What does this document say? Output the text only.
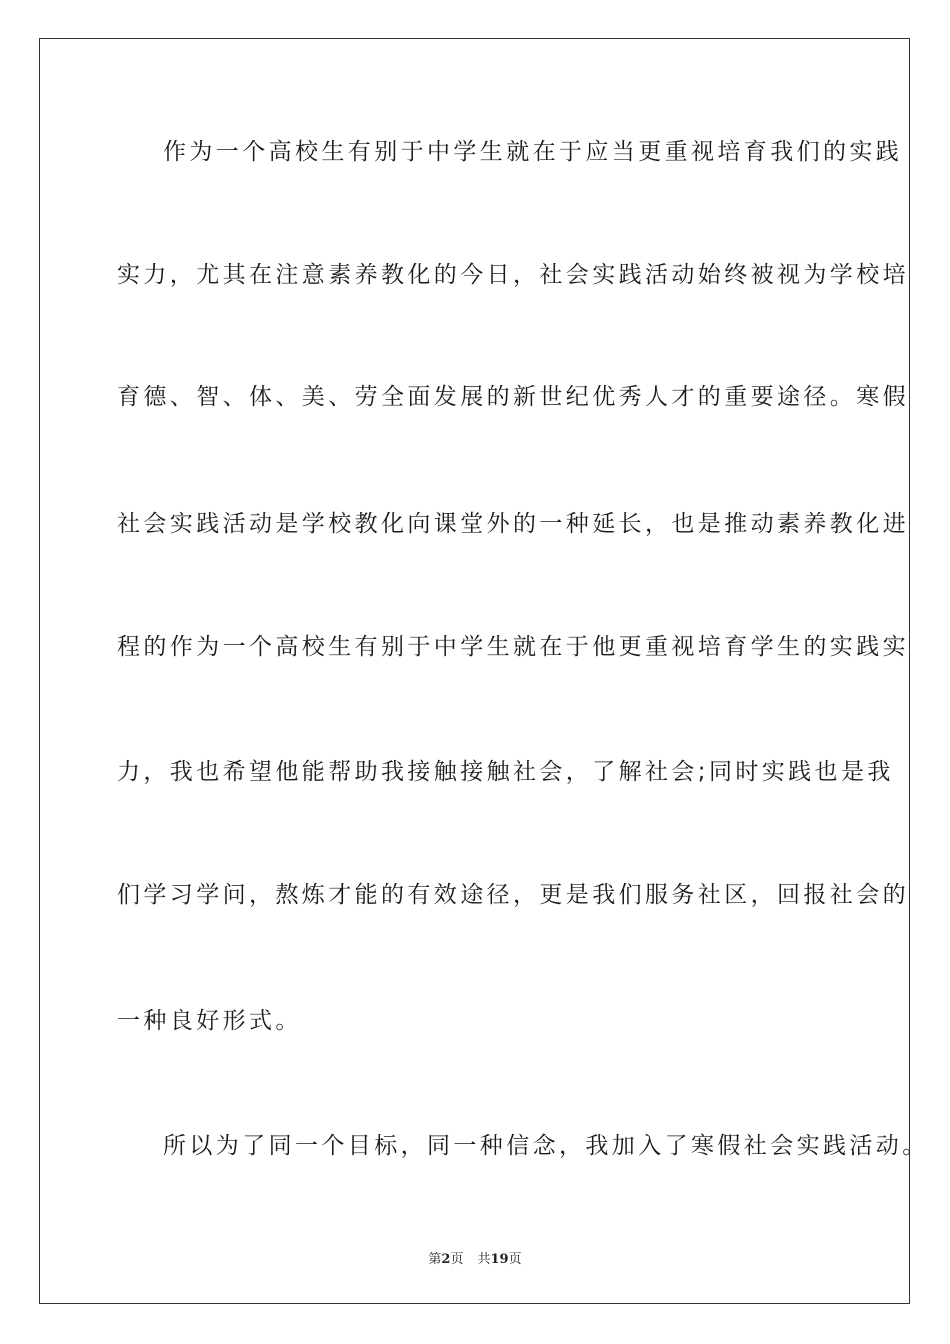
作为一个高校生有别于中学生就在于应当更重视培育我们的实践
实力，尤其在注意素养教化的今日，社会实践活动始终被视为学校培
育德、智、体、美、劳全面发展的新世纪优秀人才的重要途径。寒假
社会实践活动是学校教化向课堂外的一种延长，也是推动素养教化进
程的作为一个高校生有别于中学生就在于他更重视培育学生的实践实
力，我也希望他能帮助我接触接触社会，了解社会;同时实践也是我
们学习学问，熬炼才能的有效途径，更是我们服务社区，回报社会的
一种良好形式。
所以为了同一个目标，同一种信念，我加入了寒假社会实践活动。
第2页 共19页
